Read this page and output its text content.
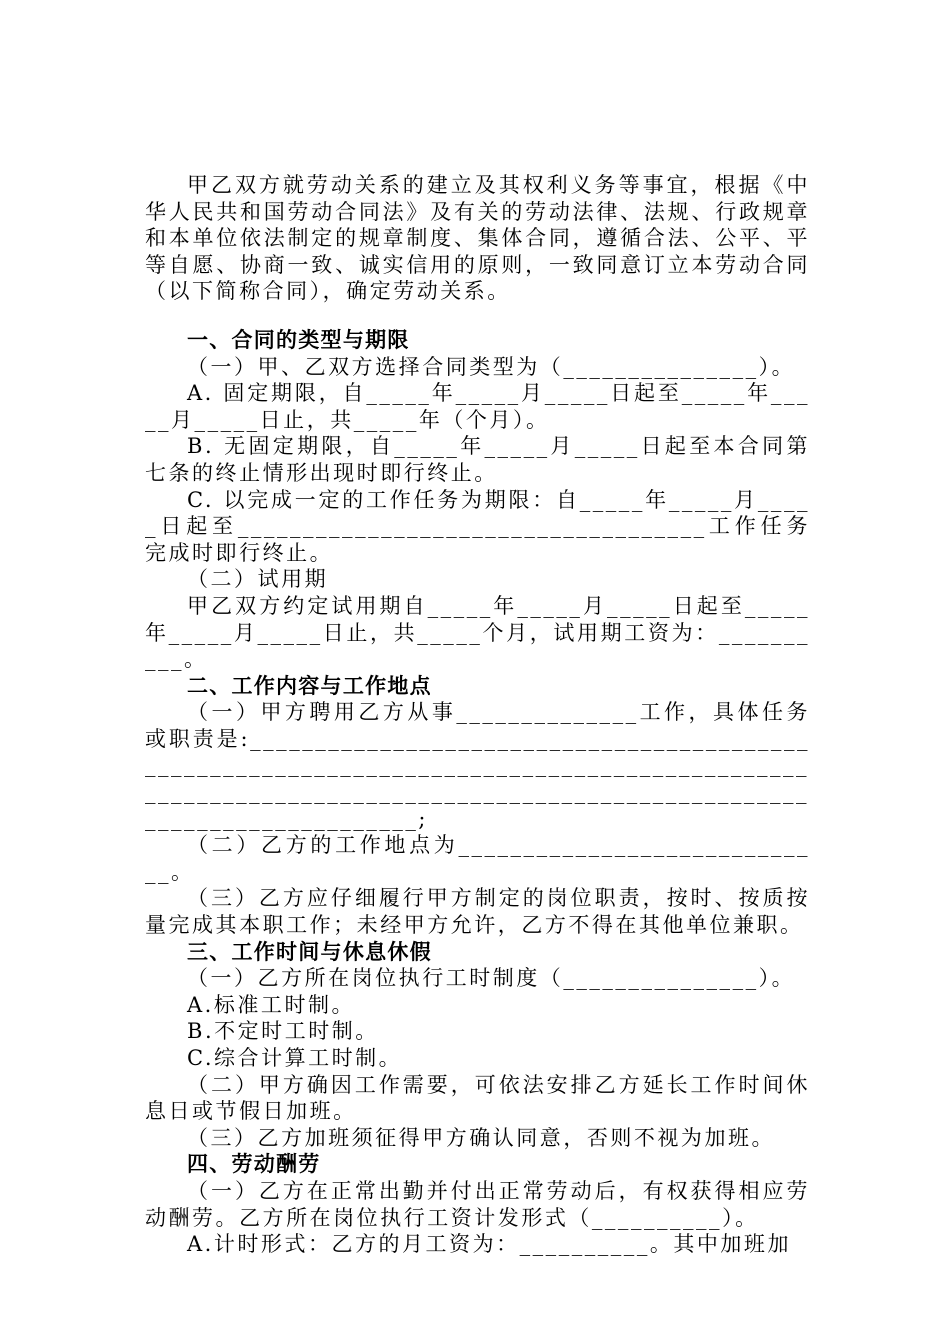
甲乙双方就劳动关系的建立及其权利义务等事宜，根据《中华人民共和国劳动合同法》及有关的劳动法律、法规、行政规章和本单位依法制定的规章制度、集体合同，遵循合法、公平、平等自愿、协商一致、诚实信用的原则，一致同意订立本劳动合同（以下简称合同），确定劳动关系。

一、合同的类型与期限

（一）甲、乙双方选择合同类型为（_______________）。

A. 固定期限，自_____年_____月_____日起至_____年_____月_____日止，共_____年（个月）。

B. 无固定期限，自_____年_____月_____日起至本合同第七条的终止情形出现时即行终止。

C. 以完成一定的工作任务为期限：自_____年_____月_____日起至____________________________________工作任务完成时即行终止。

（二）试用期

甲乙双方约定试用期自_____年_____月_____日起至_____年_____月_____日止，共_____个月，试用期工资为：__________。

二、工作内容与工作地点

（一）甲方聘用乙方从事______________工作，具体任务或职责是:______________________________________________________________________________________________________________________________________________________________________;

（二）乙方的工作地点为_____________________________。

（三）乙方应仔细履行甲方制定的岗位职责，按时、按质按量完成其本职工作；未经甲方允许，乙方不得在其他单位兼职。

三、工作时间与休息休假

（一）乙方所在岗位执行工时制度（_______________）。

A.标准工时制。

B.不定时工时制。

C.综合计算工时制。

（二）甲方确因工作需要，可依法安排乙方延长工作时间休息日或节假日加班。

（三）乙方加班须征得甲方确认同意，否则不视为加班。

四、劳动酬劳

（一）乙方在正常出勤并付出正常劳动后，有权获得相应劳动酬劳。乙方所在岗位执行工资计发形式（__________）。

A.计时形式：乙方的月工资为：__________。其中加班加
